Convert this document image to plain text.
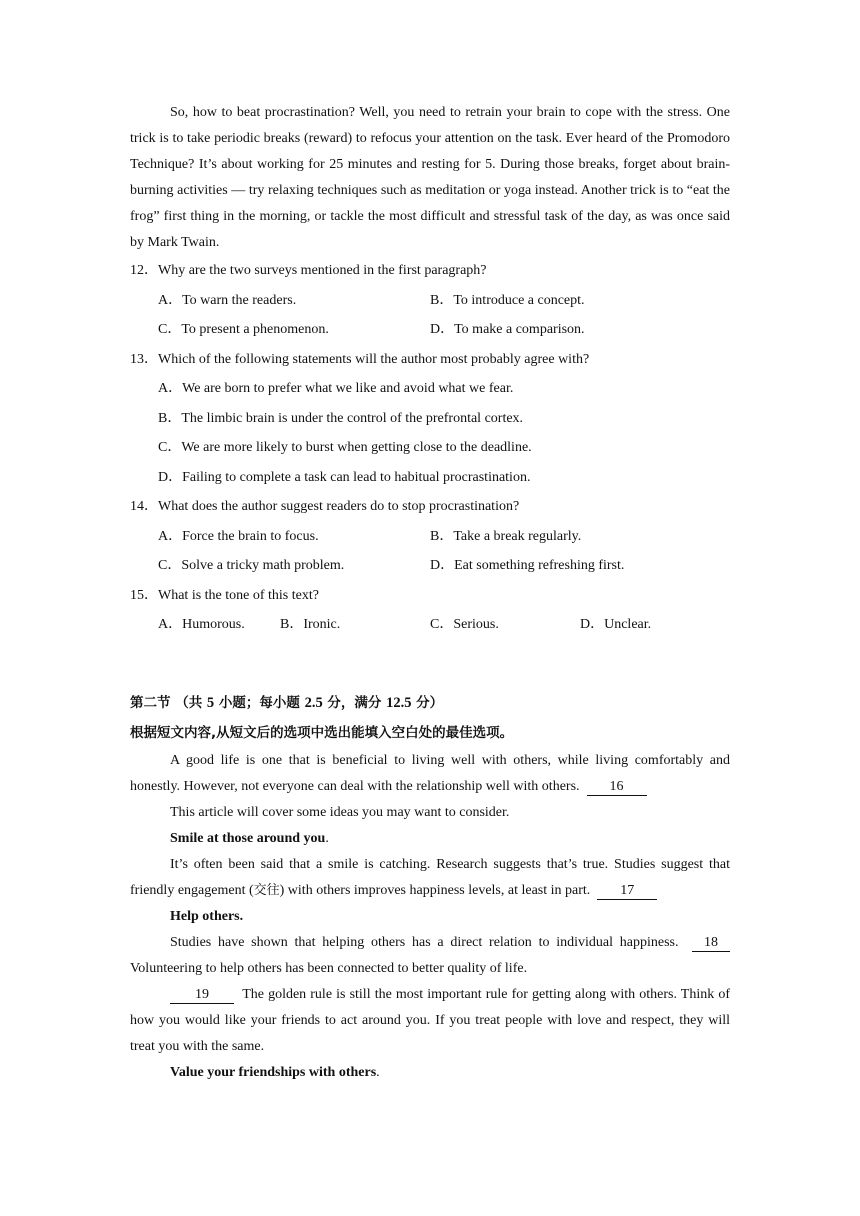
So, how to beat procrastination? Well, you need to retrain your brain to cope with the stress. One trick is to take periodic breaks (reward) to refocus your attention on the task. Ever heard of the Promodoro Technique? It’s about working for 25 minutes and resting for 5. During those breaks, forget about brain-burning activities — try relaxing techniques such as meditation or yoga instead. Another trick is to “eat the frog” first thing in the morning, or tackle the most difficult and stressful task of the day, as was once said by Mark Twain.

12．Why are the two surveys mentioned in the first paragraph?

A．To warn the readers.	B．To introduce a concept.
C．To present a phenomenon.	D．To make a comparison.

13．Which of the following statements will the author most probably agree with?

A．We are born to prefer what we like and avoid what we fear.

B．The limbic brain is under the control of the prefrontal cortex.

C．We are more likely to burst when getting close to the deadline.

D．Failing to complete a task can lead to habitual procrastination.

14．What does the author suggest readers do to stop procrastination?

A．Force the brain to focus.	B．Take a break regularly.
C．Solve a tricky math problem.	D．Eat something refreshing first.

15．What is the tone of this text?

A．Humorous.	B．Ironic.	C．Serious.	D．Unclear.

第二节 （共 5 小题；每小题 2.5 分，满分 12.5 分）

根据短文内容,从短文后的选项中选出能填入空白处的最佳选项。

A good life is one that is beneficial to living well with others, while living comfortably and honestly. However, not everyone can deal with the relationship well with others. 16

This article will cover some ideas you may want to consider.

Smile at those around you.

It’s often been said that a smile is catching. Research suggests that’s true. Studies suggest that friendly engagement (交往) with others improves happiness levels, at least in part. 17

Help others.

Studies have shown that helping others has a direct relation to individual happiness. 18 Volunteering to help others has been connected to better quality of life.

19 The golden rule is still the most important rule for getting along with others. Think of how you would like your friends to act around you. If you treat people with love and respect, they will treat you with the same.

Value your friendships with others.
